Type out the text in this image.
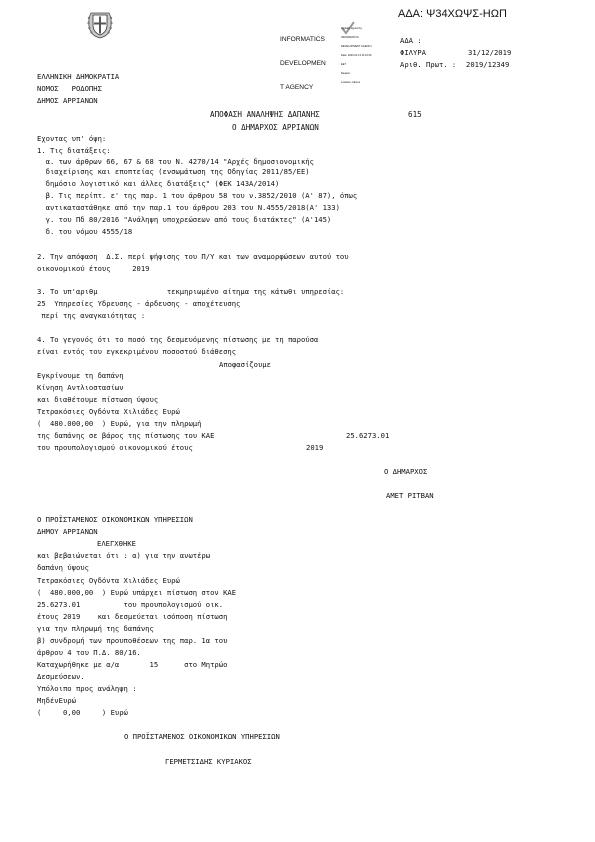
ΑΔΑ: Ψ34ΧΩΨΣ-ΗΩΠ

INFORMATICS

DEVELOPMEN

T AGENCY

Digitally signed by

INFORMATICS

DEVELOPMENT AGENCY

Date: 2020.01.13 11:16:46

EET

Reason:

Location: Athens

ΑΔΑ :
ΦΙΛΥΡΑ	31/12/2019
Αριθ. Πρωτ. : 2019/12349
ΕΛΛΗΝΙΚΗ ΔΗΜΟΚΡΑΤΙΑ
ΝΟΜΟΣ   ΡΟΔΟΠΗΣ
ΔΗΜΟΣ ΑΡΡΙΑΝΩΝ
ΑΠΟΦΑΣΗ ΑΝΑΛΗΨΗΣ ΔΑΠΑΝΗΣ	615
Ο ΔΗΜΑΡΧΟΣ ΑΡΡΙΑΝΩΝ
Εχοντας υπ' όψη:
1. Τις διατάξεις:
α. των άρθρων 66, 67 & 68 του Ν. 4270/14 "Αρχές δημοσιονομικής
διαχείρισης και εποπτείας (ενσωμάτωση της Οδηγίας 2011/85/ΕΕ)
δημόσιο λογιστικό και άλλες διατάξεις" (ΦΕΚ 143Α/2014)
β. Τις περίπτ. ε' της παρ. 1 του άρθρου 58 του ν.3852/2010 (Α' 87), όπως
αντικαταστάθηκε από την παρ.1 του άρθρου 203 του Ν.4555/2018(Α' 133)
γ. του Πδ 80/2016 "Ανάληψη υποχρεώσεων από τους διατάκτες" (Α'145)
δ. του νόμου 4555/18
2. Την απόφαση  Δ.Σ. περί ψήφισης του Π/Υ και των αναμορφώσεων αυτού του
οικονομικού έτους     2019
3. Το υπ'αριθμ                τεκμηριωμένο αίτημα της κάτωθι υπηρεσίας:
25  Υπηρεσίες Υδρευσης - άρδευσης - αποχέτευσης
περί της αναγκαιότητας :
4. Το γεγονός ότι το ποσό της δεσμευόμενης πίστωσης με τη παρούσα
είναι εντός του εγκεκριμένου ποσοστού διάθεσης
Αποφασίζουμε
Εγκρίνουμε τη δαπάνη
Κίνηση Αντλιοστασίων
και διαθέτουμε πίστωση ύψους
Τετρακόσιες Ογδόντα Χιλιάδες Ευρώ
(  480.000,00  ) Ευρώ, για την πληρωμή
της δαπάνης σε βάρος της πίστωσης του ΚΑΕ	25.6273.01
του προυπολογισμού οικονομικού έτους	2019
Ο ΔΗΜΑΡΧΟΣ
ΑΜΕΤ ΡΙΤΒΑΝ
Ο ΠΡΟΪΣΤΑΜΕΝΟΣ ΟΙΚΟΝΟΜΙΚΩΝ ΥΠΗΡΕΣΙΩΝ
ΔΗΜΟΥ ΑΡΡΙΑΝΩΝ
ΕΛΕΓΧΘΗΚΕ
και βεβαιώνεται ότι : α) για την ανωτέρω
δαπάνη ύψους
Τετρακόσιες Ογδόντα Χιλιάδες Ευρώ
(  480.000,00  ) Ευρώ υπάρχει πίστωση στον ΚΑΕ
25.6273.01          του προυπολογισμού οικ.
έτους 2019    και δεσμεύεται ισόποση πίστωση
για την πληρωμή της δαπάνης
β) συνδρομή των προυποθέσεων της παρ. 1α του
άρθρου 4 του Π.Δ. 80/16.
Καταχωρήθηκε με α/α       15      στο Μητρώο
Δεσμεύσεων.
Υπόλοιπο προς ανάληψη :
ΜηδένΕυρώ
(     0,00     ) Ευρώ
Ο ΠΡΟΪΣΤΑΜΕΝΟΣ ΟΙΚΟΝΟΜΙΚΩΝ ΥΠΗΡΕΣΙΩΝ
ΓΕΡΜΕΤΣΙΔΗΣ ΚΥΡΙΑΚΟΣ
